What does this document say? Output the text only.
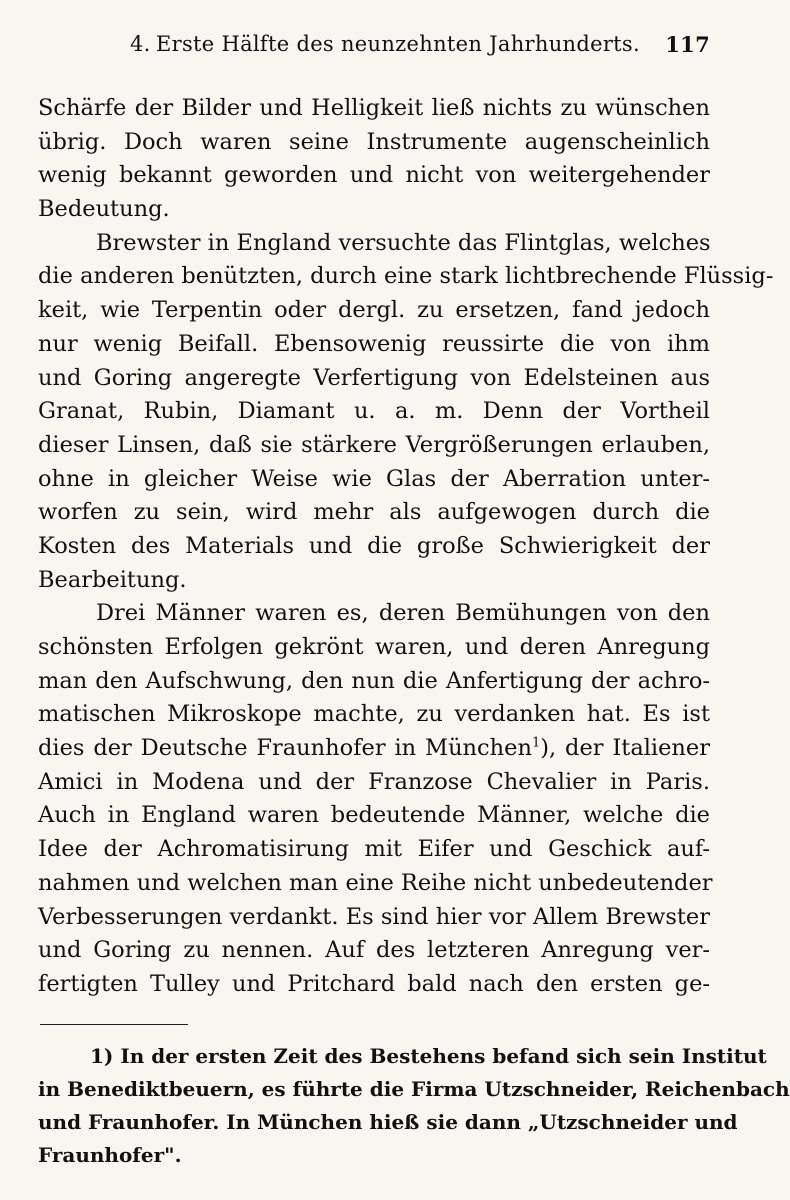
4. Erste Hälfte des neunzehnten Jahrhunderts. 117
Schärfe der Bilder und Helligkeit ließ nichts zu wünschen
übrig. Doch waren seine Instrumente augenscheinlich
wenig bekannt geworden und nicht von weitergehender
Bedeutung.
Brewster in England versuchte das Flintglas, welches
die anderen benützten, durch eine stark lichtbrechende Flüssig-
keit, wie Terpentin oder dergl. zu ersetzen, fand jedoch
nur wenig Beifall. Ebensowenig reussirte die von ihm
und Goring angeregte Verfertigung von Edelsteinen aus
Granat, Rubin, Diamant u. a. m. Denn der Vortheil
dieser Linsen, daß sie stärkere Vergrößerungen erlauben,
ohne in gleicher Weise wie Glas der Aberration unter-
worfen zu sein, wird mehr als aufgewogen durch die
Kosten des Materials und die große Schwierigkeit der
Bearbeitung.
Drei Männer waren es, deren Bemühungen von den
schönsten Erfolgen gekrönt waren, und deren Anregung
man den Aufschwung, den nun die Anfertigung der achro-
matischen Mikroskope machte, zu verdanken hat. Es ist
dies der Deutsche Fraunhofer in München$^1$), der Italiener
Amici in Modena und der Franzose Chevalier in Paris.
Auch in England waren bedeutende Männer, welche die
Idee der Achromatisirung mit Eifer und Geschick auf-
nahmen und welchen man eine Reihe nicht unbedeutender
Verbesserungen verdankt. Es sind hier vor Allem Brewster
und Goring zu nennen. Auf des letzteren Anregung ver-
fertigten Tulley und Pritchard bald nach den ersten ge-
1) In der ersten Zeit des Bestehens befand sich sein Institut
in Benediktbeuern, es führte die Firma Utzschneider, Reichenbach
und Fraunhofer. In München hieß sie dann „Utzschneider und
Fraunhofer".
